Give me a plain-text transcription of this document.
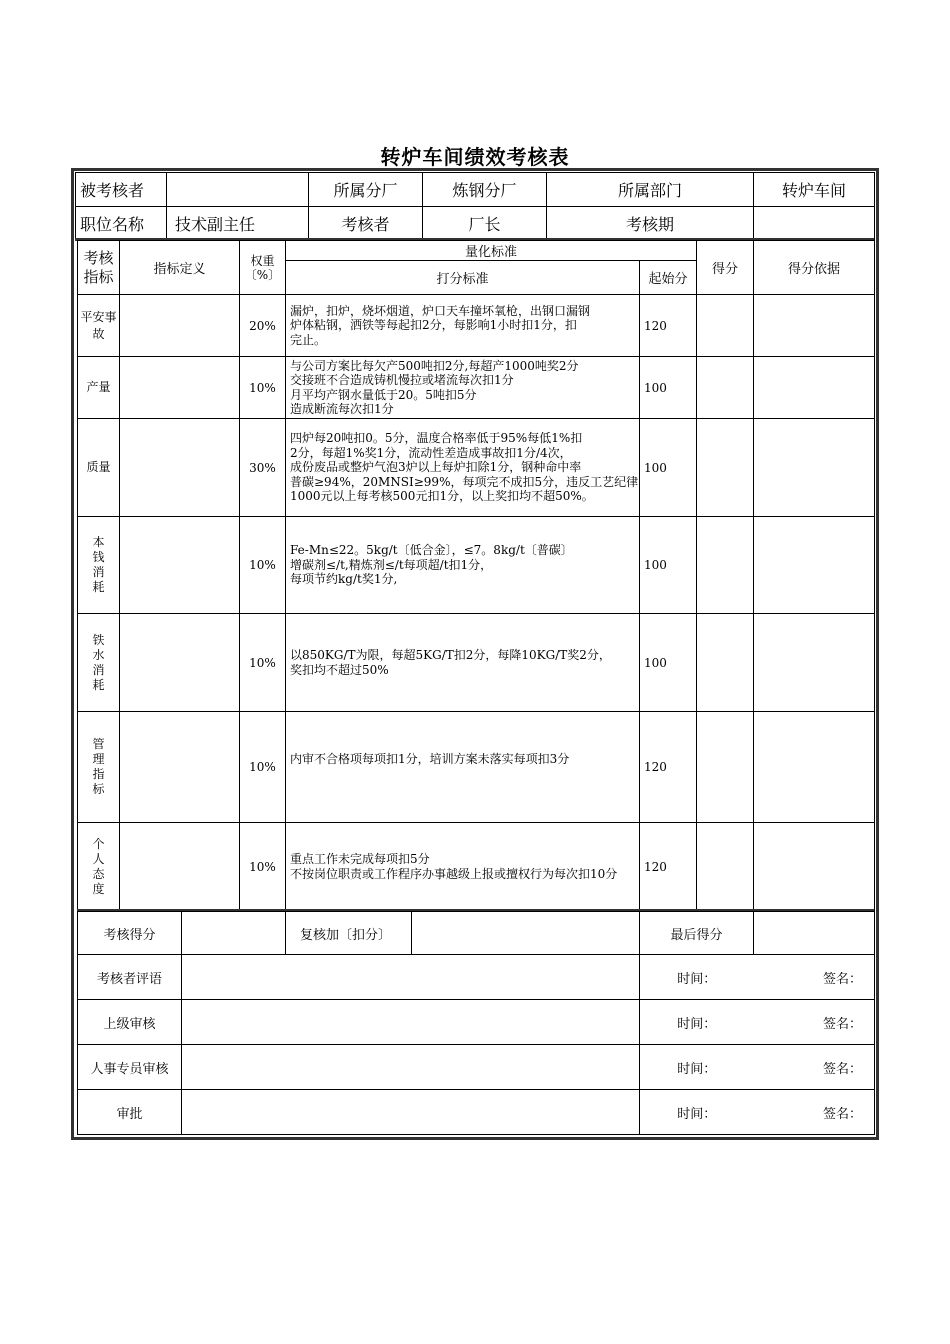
转炉车间绩效考核表
被考核者		所属分厂	炼钢分厂	所属部门	转炉车间
职位名称	技术副主任	考核者	厂长	考核期	
考核指标	指标定义	权重〔%〕	量化标准		得分	得分依据
			打分标准	起始分		
平安事故		20%	漏炉，扣炉，烧坏烟道，炉口天车撞坏氧枪，出钢口漏钢
炉体粘钢，洒铁等每起扣2分，每影响1小时扣1分，扣
完止。	120		
产量		10%	与公司方案比每欠产500吨扣2分,每超产1000吨奖2分
交接班不合造成铸机慢拉或堵流每次扣1分
月平均产钢水量低于20。5吨扣5分
造成断流每次扣1分	100		
质量		30%	四炉每20吨扣0。5分，温度合格率低于95%每低1%扣
2分，每超1%奖1分，流动性差造成事故扣1分/4次，
成份废品或整炉气泡3炉以上每炉扣除1分，钢种命中率
普碳≥94%，20MNSI≥99%，每项完不成扣5分，违反工艺纪律
1000元以上每考核500元扣1分，以上奖扣均不超50%。	100		
本钱消耗		10%	Fe-Mn≤22。5kg/t〔低合金〕，≤7。8kg/t〔普碳〕
增碳剂≤/t,精炼剂≤/t每项超/t扣1分，
每项节约kg/t奖1分,	100		
铁水消耗		10%	以850KG/T为限，每超5KG/T扣2分，每降10KG/T奖2分，
奖扣均不超过50%	100		
管理指标		10%	内审不合格项每项扣1分，培训方案未落实每项扣3分	120		
个人态度		10%	重点工作未完成每项扣5分
不按岗位职责或工作程序办事越级上报或擅权行为每次扣10分	120		
考核得分		复核加〔扣分〕		最后得分	
考核者评语				时间：	签名：
上级审核				时间：	签名：
人事专员审核				时间：	签名：
审批				时间：	签名：
